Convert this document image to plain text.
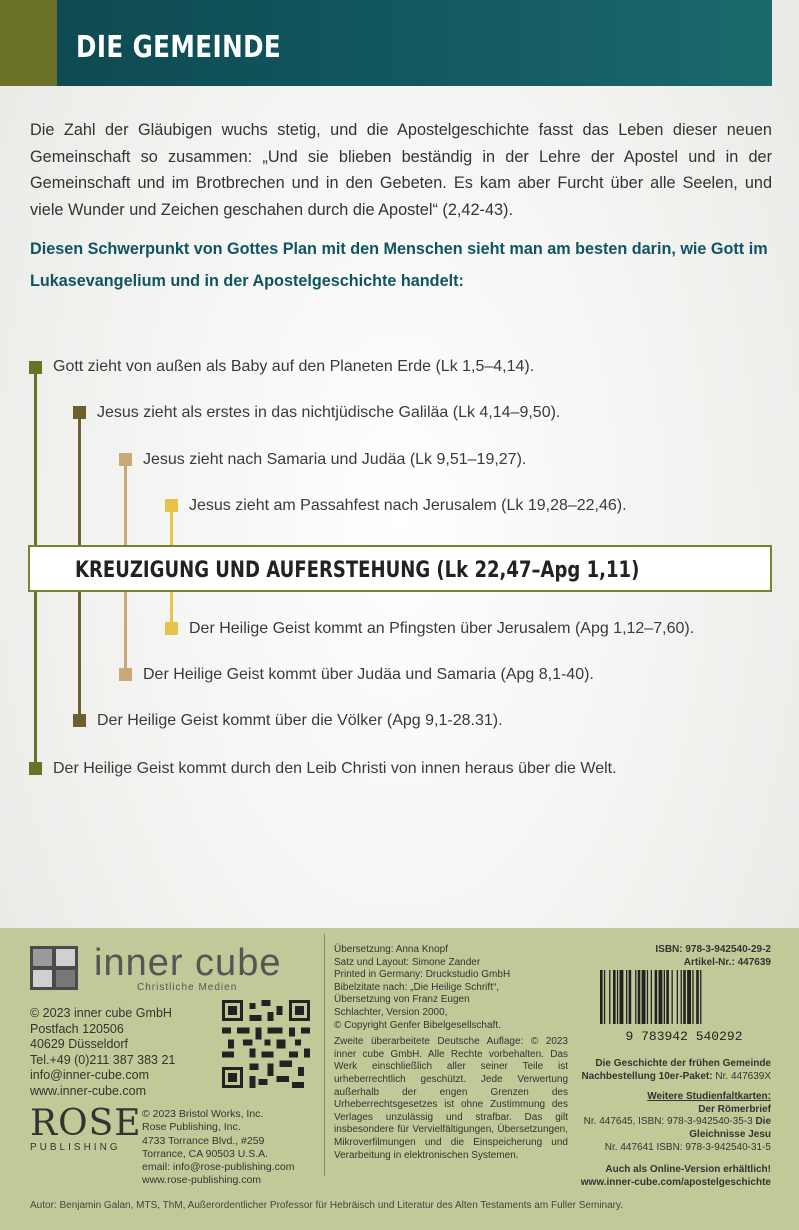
DIE GEMEINDE
Die Zahl der Gläubigen wuchs stetig, und die Apostelgeschichte fasst das Leben dieser neuen Gemeinschaft so zusammen: „Und sie blieben beständig in der Lehre der Apostel und in der Gemeinschaft und im Brotbrechen und in den Gebeten. Es kam aber Furcht über alle Seelen, und viele Wunder und Zeichen geschahen durch die Apostel“ (2,42-43).
Diesen Schwerpunkt von Gottes Plan mit den Menschen sieht man am besten darin, wie Gott im Lukasevangelium und in der Apostelgeschichte handelt:
Gott zieht von außen als Baby auf den Planeten Erde (Lk 1,5–4,14).
Jesus zieht als erstes in das nichtjüdische Galiläa (Lk 4,14–9,50).
Jesus zieht nach Samaria und Judäa (Lk 9,51–19,27).
Jesus zieht am Passahfest nach Jerusalem (Lk 19,28–22,46).
KREUZIGUNG UND AUFERSTEHUNG (Lk 22,47–Apg 1,11)
Der Heilige Geist kommt an Pfingsten über Jerusalem (Apg 1,12–7,60).
Der Heilige Geist kommt über Judäa und Samaria (Apg 8,1-40).
Der Heilige Geist kommt über die Völker (Apg 9,1-28.31).
Der Heilige Geist kommt durch den Leib Christi von innen heraus über die Welt.
inner cube
Christliche Medien
© 2023 inner cube GmbH
Postfach 120506
40629 Düsseldorf
Tel.+49 (0)211 387 383 21
info@inner-cube.com
www.inner-cube.com
ROSE
PUBLISHING
© 2023 Bristol Works, Inc.
Rose Publishing, Inc.
4733 Torrance Blvd., #259
Torrance, CA 90503 U.S.A.
email: info@rose-publishing.com
www.rose-publishing.com

Übersetzung: Anna Knopf
Satz und Layout: Simone Zander
Printed in Germany: Druckstudio GmbH
Bibelzitate nach: „Die Heilige Schrift“,
Übersetzung von Franz Eugen
Schlachter, Version 2000,
© Copyright Genfer Bibelgesellschaft.

Zweite überarbeitete Deutsche Auflage: © 2023 inner cube GmbH. Alle Rechte vorbehalten. Das Werk einschließlich aller seiner Teile ist urheberrechtlich geschützt. Jede Verwertung außerhalb der engen Grenzen des Urheberrechtsgesetzes ist ohne Zustimmung des Verlages unzulässig und strafbar. Das gilt insbesondere für Vervielfältigungen, Übersetzungen, Mikroverfilmungen und die Einspeicherung und Verarbeitung in elektronischen Systemen.

ISBN: 978-3-942540-29-2
Artikel-Nr.: 447639
9 783942 540292
Die Geschichte der frühen Gemeinde
Nachbestellung 10er-Paket: Nr. 447639X
Weitere Studienfaltkarten:
Der Römerbrief
Nr. 447645, ISBN: 978-3-942540-35-3 Die
Gleichnisse Jesu
Nr. 447641 ISBN: 978-3-942540-31-5
Auch als Online-Version erhältlich!
www.inner-cube.com/apostelgeschichte
Autor: Benjamin Galan, MTS, ThM, Außerordentlicher Professor für Hebräisch und Literatur des Alten Testaments am Fuller Seminary.
